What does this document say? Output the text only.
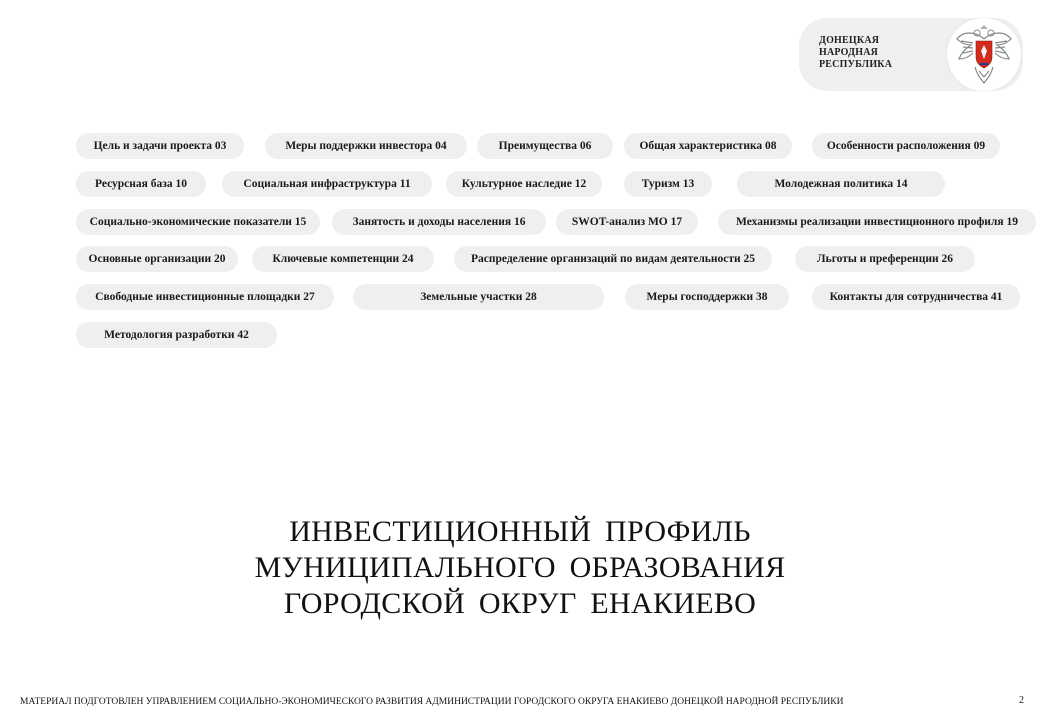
ДОНЕЦКАЯ
НАРОДНАЯ
РЕСПУБЛИКА
Цель и задачи проекта 03	Меры поддержки инвестора 04	Преимущества 06	Общая характеристика 08	Особенности расположения 09
Ресурсная база 10	Социальная инфраструктура 11	Культурное наследие 12	Туризм 13	Молодежная политика 14
Социально-экономические показатели 15	Занятость и доходы населения 16	SWOT-анализ МО 17	Механизмы реализации инвестиционного профиля 19
Основные организации 20	Ключевые компетенции 24	Распределение организаций по видам деятельности 25	Льготы и преференции 26
Свободные инвестиционные площадки 27	Земельные участки 28	Меры господдержки 38	Контакты для сотрудничества 41
Методология разработки 42
ИНВЕСТИЦИОННЫЙ ПРОФИЛЬ
МУНИЦИПАЛЬНОГО ОБРАЗОВАНИЯ
ГОРОДСКОЙ ОКРУГ ЕНАКИЕВО
МАТЕРИАЛ ПОДГОТОВЛЕН УПРАВЛЕНИЕМ СОЦИАЛЬНО-ЭКОНОМИЧЕСКОГО РАЗВИТИЯ АДМИНИСТРАЦИИ ГОРОДСКОГО ОКРУГА ЕНАКИЕВО ДОНЕЦКОЙ НАРОДНОЙ РЕСПУБЛИКИ	2
